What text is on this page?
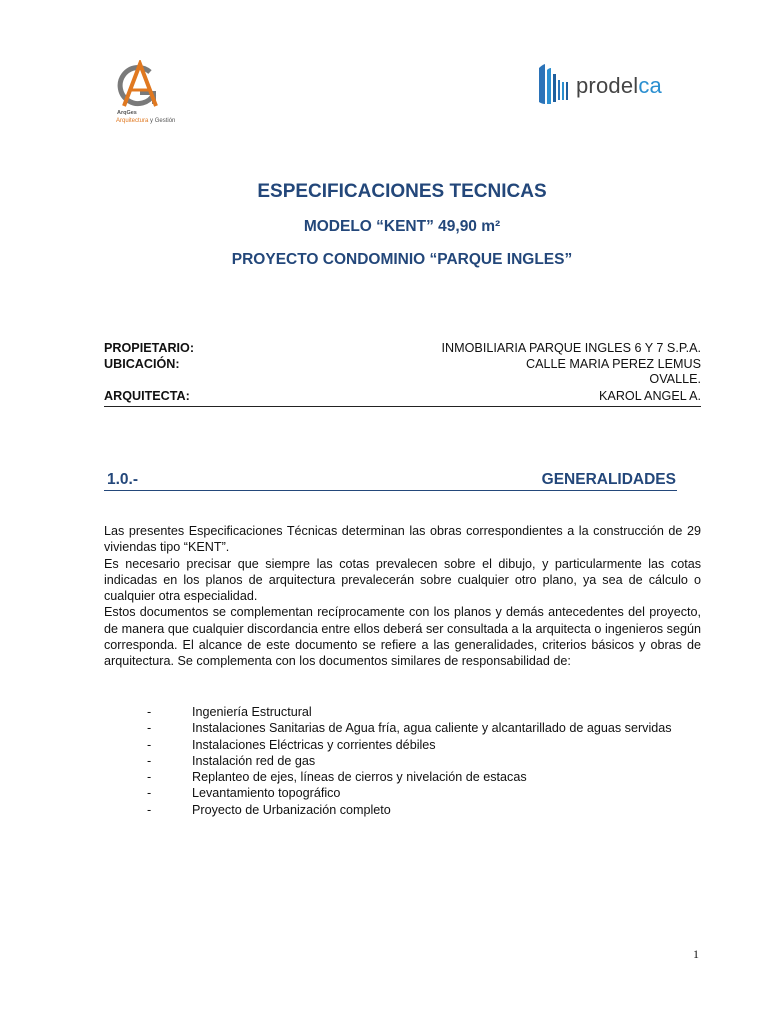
ArqGes
Arquitectura y Gestión
prodelca
ESPECIFICACIONES TECNICAS
MODELO “KENT” 49,90 m²
PROYECTO CONDOMINIO “PARQUE INGLES”
PROPIETARIO:	INMOBILIARIA PARQUE INGLES 6 Y 7 S.P.A.
UBICACIÓN:	CALLE MARIA PEREZ LEMUS
OVALLE.
ARQUITECTA:	KAROL ANGEL A.
1.0.-	GENERALIDADES

Las presentes Especificaciones Técnicas determinan las obras correspondientes a la construcción de 29 viviendas tipo “KENT”.

Es necesario precisar que siempre las cotas prevalecen sobre el dibujo, y particularmente las cotas indicadas en los planos de arquitectura prevalecerán sobre cualquier otro plano, ya sea de cálculo o cualquier otra especialidad.

Estos documentos se complementan recíprocamente con los planos y demás antecedentes del proyecto, de manera que cualquier discordancia entre ellos deberá ser consultada a la arquitecta o ingenieros según corresponda. El alcance de este documento se refiere a las generalidades, criterios básicos y obras de arquitectura. Se complementa con los documentos similares de responsabilidad de:

-	Ingeniería Estructural
-	Instalaciones Sanitarias de Agua fría, agua caliente y alcantarillado de aguas servidas
-	Instalaciones Eléctricas y corrientes débiles
-	Instalación red de gas
-	Replanteo de ejes, líneas de cierros y nivelación de estacas
-	Levantamiento topográfico
-	Proyecto de Urbanización completo
1
